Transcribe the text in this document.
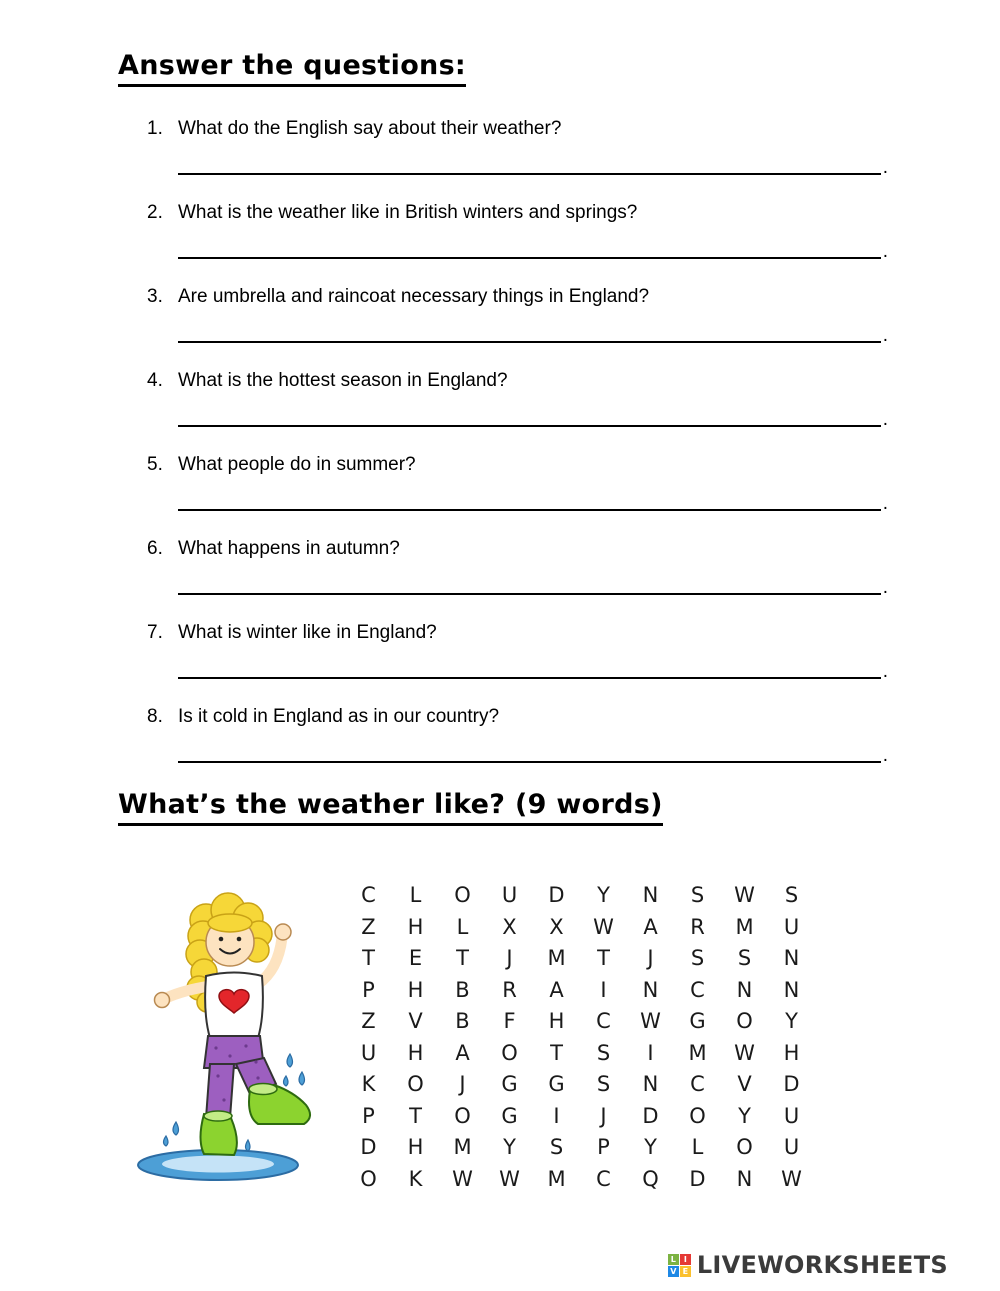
Answer the questions:
1. What do the English say about their weather?
.
2. What is the weather like in British winters and springs?
.
3. Are umbrella and raincoat necessary things in England?
.
4. What is the hottest season in England?
.
5. What people do in summer?
.
6. What happens in autumn?
.
7. What is winter like in England?
.
8. Is it cold in England as in our country?
.
What’s the weather like? (9 words)
C L O U D Y N S W S
Z H L X X W A R M U
T E T J M T J S S N
P H B R A I N C N N
Z V B F H C W G O Y
U H A O T S I M W H
K O J G G S N C V D
P T O G I J D O Y U
D H M Y S P Y L O U
O K W W M C Q D N W
L I
V E LIVEWORKSHEETS
